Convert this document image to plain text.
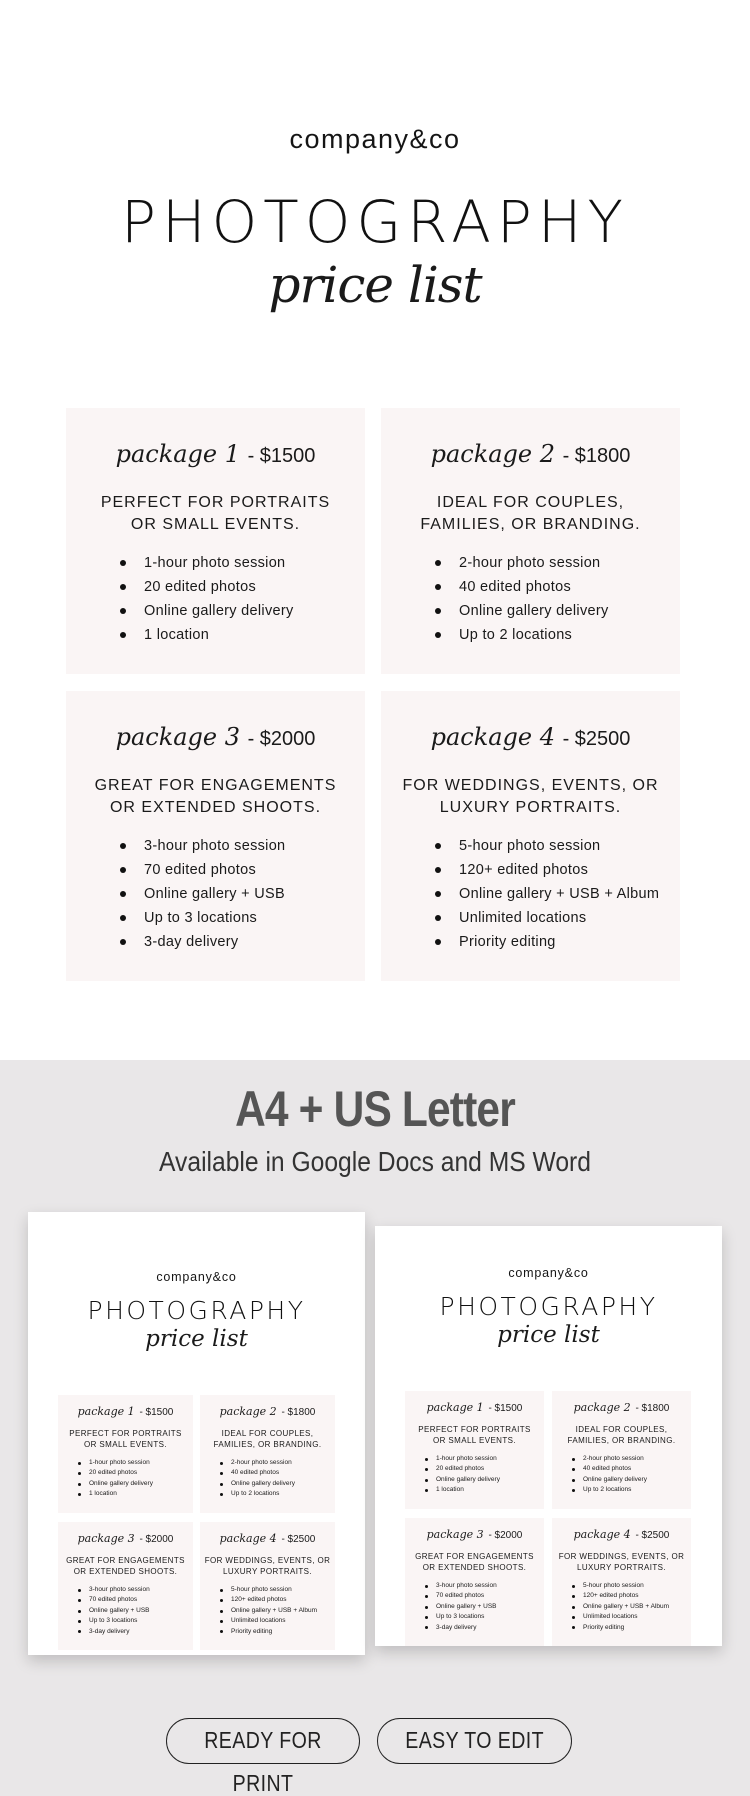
company&co
PHOTOGRAPHY
price list
package 1 - $1500
PERFECT FOR PORTRAITS
OR SMALL EVENTS.
1-hour photo session
20 edited photos
Online gallery delivery
1 location
package 2 - $1800
IDEAL FOR COUPLES,
FAMILIES, OR BRANDING.
2-hour photo session
40 edited photos
Online gallery delivery
Up to 2 locations
package 3 - $2000
GREAT FOR ENGAGEMENTS
OR EXTENDED SHOOTS.
3-hour photo session
70 edited photos
Online gallery + USB
Up to 3 locations
3-day delivery
package 4 - $2500
FOR WEDDINGS, EVENTS, OR
LUXURY PORTRAITS.
5-hour photo session
120+ edited photos
Online gallery + USB + Album
Unlimited locations
Priority editing
A4 + US Letter
Available in Google Docs and MS Word
company&co
PHOTOGRAPHY
price list
package 1 - $1500
PERFECT FOR PORTRAITS
OR SMALL EVENTS.
1-hour photo session
20 edited photos
Online gallery delivery
1 location
package 2 - $1800
IDEAL FOR COUPLES,
FAMILIES, OR BRANDING.
2-hour photo session
40 edited photos
Online gallery delivery
Up to 2 locations
package 3 - $2000
GREAT FOR ENGAGEMENTS
OR EXTENDED SHOOTS.
3-hour photo session
70 edited photos
Online gallery + USB
Up to 3 locations
3-day delivery
package 4 - $2500
FOR WEDDINGS, EVENTS, OR
LUXURY PORTRAITS.
5-hour photo session
120+ edited photos
Online gallery + USB + Album
Unlimited locations
Priority editing
company&co
PHOTOGRAPHY
price list
package 1 - $1500
PERFECT FOR PORTRAITS
OR SMALL EVENTS.
1-hour photo session
20 edited photos
Online gallery delivery
1 location
package 2 - $1800
IDEAL FOR COUPLES,
FAMILIES, OR BRANDING.
2-hour photo session
40 edited photos
Online gallery delivery
Up to 2 locations
package 3 - $2000
GREAT FOR ENGAGEMENTS
OR EXTENDED SHOOTS.
3-hour photo session
70 edited photos
Online gallery + USB
Up to 3 locations
3-day delivery
package 4 - $2500
FOR WEDDINGS, EVENTS, OR
LUXURY PORTRAITS.
5-hour photo session
120+ edited photos
Online gallery + USB + Album
Unlimited locations
Priority editing
READY FOR PRINT
EASY TO EDIT
